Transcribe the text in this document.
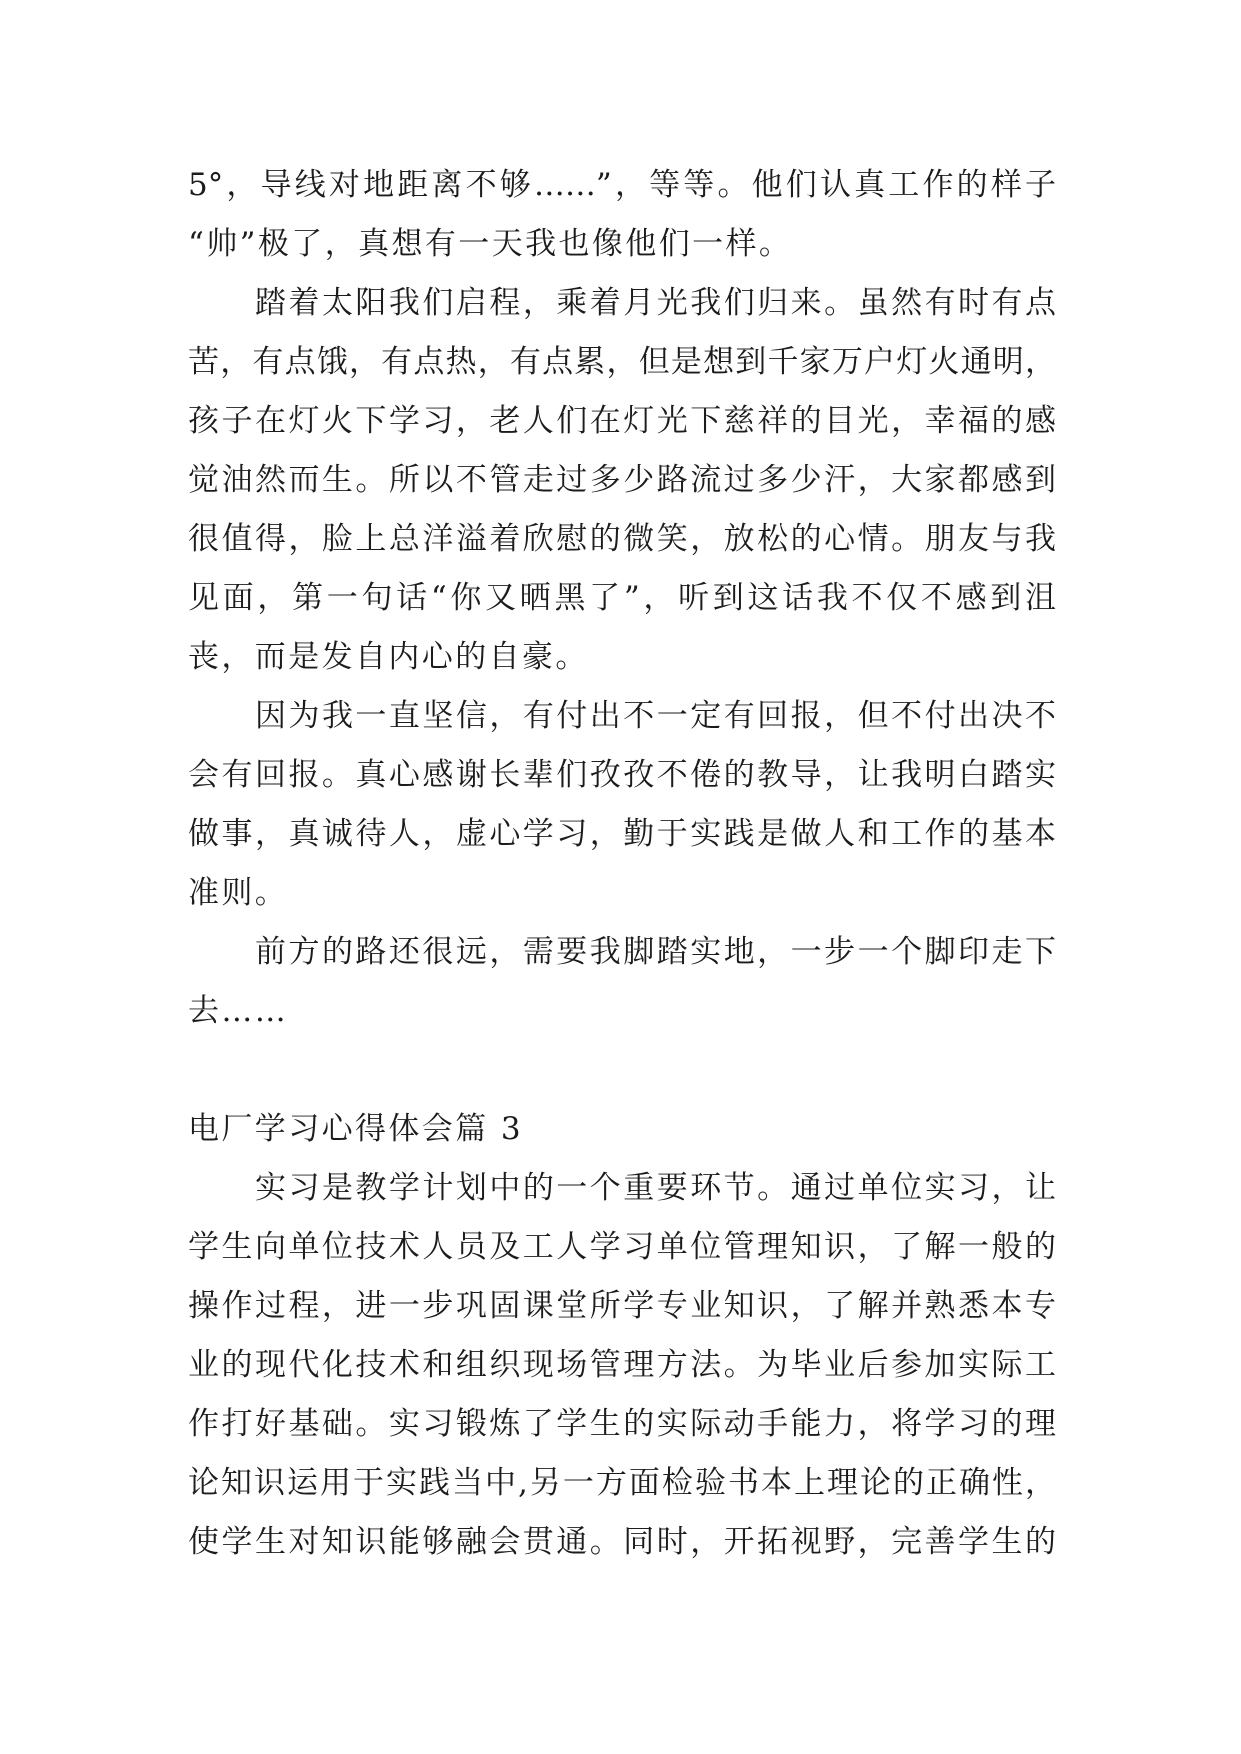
5°，导线对地距离不够……”，等等。他们认真工作的样子
“帅”极了，真想有一天我也像他们一样。
踏着太阳我们启程，乘着月光我们归来。虽然有时有点
苦，有点饿，有点热，有点累，但是想到千家万户灯火通明，
孩子在灯火下学习，老人们在灯光下慈祥的目光，幸福的感
觉油然而生。所以不管走过多少路流过多少汗，大家都感到
很值得，脸上总洋溢着欣慰的微笑，放松的心情。朋友与我
见面，第一句话“你又晒黑了”，听到这话我不仅不感到沮
丧，而是发自内心的自豪。
因为我一直坚信，有付出不一定有回报，但不付出决不
会有回报。真心感谢长辈们孜孜不倦的教导，让我明白踏实
做事，真诚待人，虚心学习，勤于实践是做人和工作的基本
准则。
前方的路还很远，需要我脚踏实地，一步一个脚印走下
去……
电厂学习心得体会篇 3
实习是教学计划中的一个重要环节。通过单位实习，让
学生向单位技术人员及工人学习单位管理知识，了解一般的
操作过程，进一步巩固课堂所学专业知识，了解并熟悉本专
业的现代化技术和组织现场管理方法。为毕业后参加实际工
作打好基础。实习锻炼了学生的实际动手能力，将学习的理
论知识运用于实践当中,另一方面检验书本上理论的正确性，
使学生对知识能够融会贯通。同时，开拓视野，完善学生的
